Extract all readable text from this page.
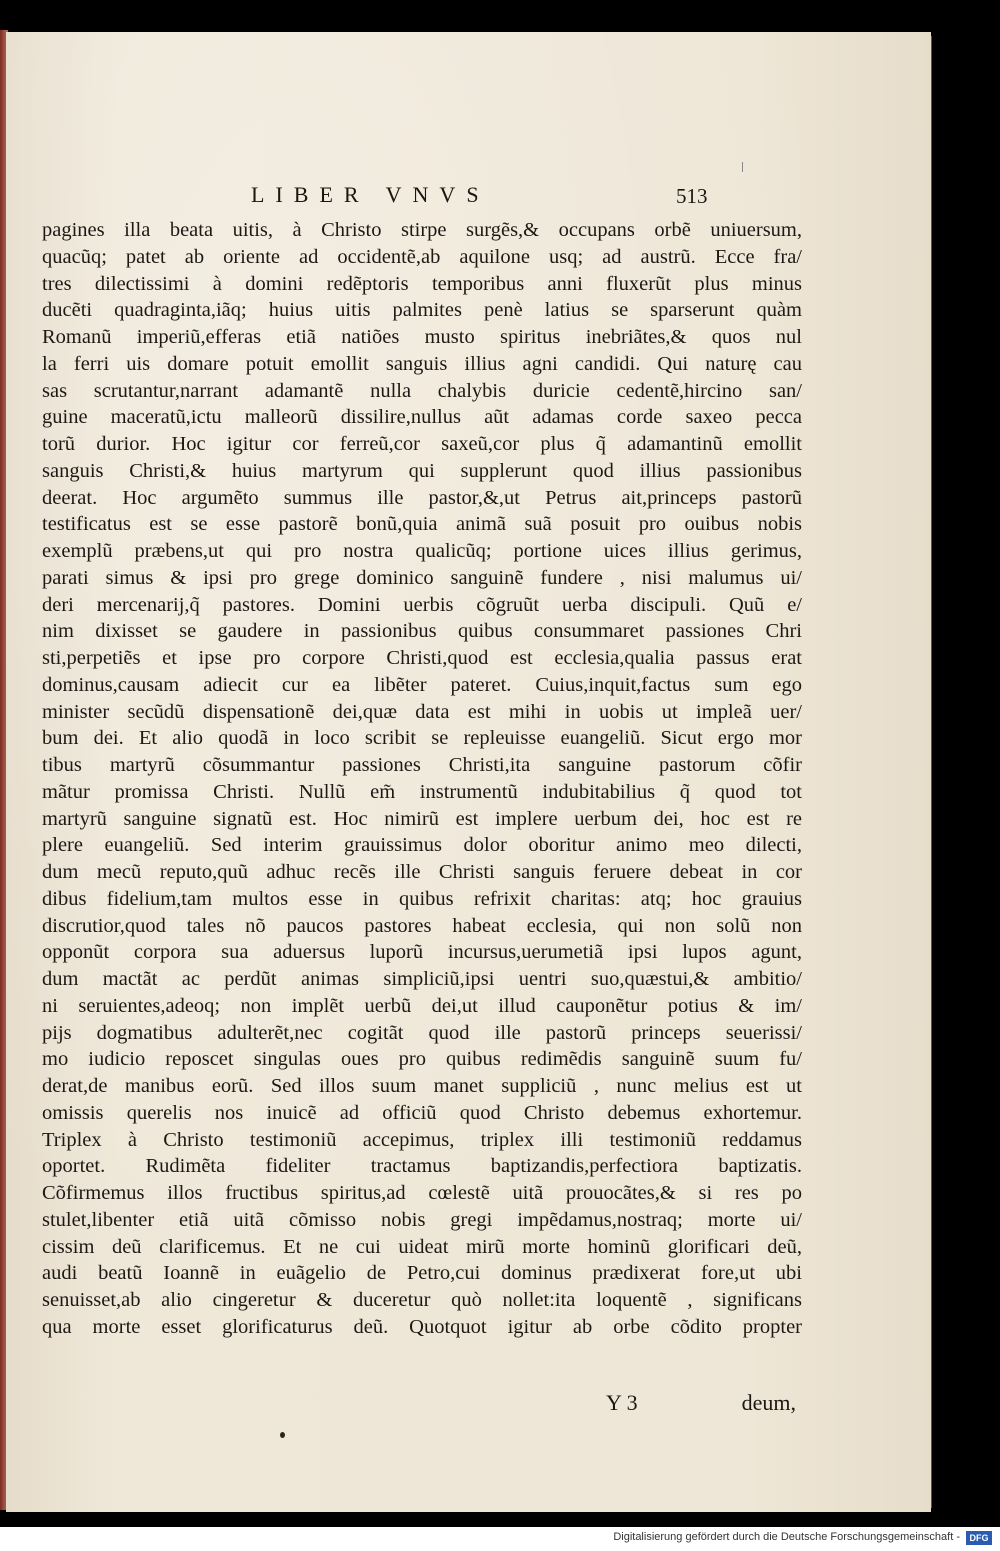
LIBER VNVS	513
pagines illa beata uitis, à Christo stirpe surgẽs,& occupans orbẽ uniuersum,
quacũq; patet ab oriente ad occidentẽ,ab aquilone usq; ad austrũ. Ecce fra/
tres dilectissimi à domini redẽptoris temporibus anni fluxerũt plus minus
ducẽti quadraginta,iãq; huius uitis palmites penè latius se sparserunt quàm
Romanũ imperiũ,efferas etiã natiões musto spiritus inebriãtes,& quos nul
la ferri uis domare potuit emollit sanguis illius agni candidi. Qui naturę cau
sas scrutantur,narrant adamantẽ nulla chalybis duricie cedentẽ,hircino san/
guine maceratũ,ictu malleorũ dissilire,nullus aũt adamas corde saxeo pecca
torũ durior. Hoc igitur cor ferreũ,cor saxeũ,cor plus q̃ adamantinũ emollit
sanguis Christi,& huius martyrum qui supplerunt quod illius passionibus
deerat. Hoc argumẽto summus ille pastor,&,ut Petrus ait,princeps pastorũ
testificatus est se esse pastorẽ bonũ,quia animã suã posuit pro ouibus nobis
exemplũ præbens,ut qui pro nostra qualicũq; portione uices illius gerimus,
parati simus & ipsi pro grege dominico sanguinẽ fundere , nisi malumus ui/
deri mercenarij,q̃ pastores. Domini uerbis cõgruũt uerba discipuli. Quũ e/
nim dixisset se gaudere in passionibus quibus consummaret passiones Chri
sti,perpetiẽs et ipse pro corpore Christi,quod est ecclesia,qualia passus erat
dominus,causam adiecit cur ea libẽter pateret. Cuius,inquit,factus sum ego
minister secũdũ dispensationẽ dei,quæ data est mihi in uobis ut impleã uer/
bum dei. Et alio quodã in loco scribit se repleuisse euangeliũ. Sicut ergo mor
tibus martyrũ cõsummantur passiones Christi,ita sanguine pastorum cõfir
mãtur promissa Christi. Nullũ em̃ instrumentũ indubitabilius q̃ quod tot
martyrũ sanguine signatũ est. Hoc nimirũ est implere uerbum dei, hoc est re
plere euangeliũ. Sed interim grauissimus dolor oboritur animo meo dilecti,
dum mecũ reputo,quũ adhuc recẽs ille Christi sanguis feruere debeat in cor
dibus fidelium,tam multos esse in quibus refrixit charitas: atq; hoc grauius
discrutior,quod tales nõ paucos pastores habeat ecclesia, qui non solũ non
opponũt corpora sua aduersus luporũ incursus,uerumetiã ipsi lupos agunt,
dum mactãt ac perdũt animas simpliciũ,ipsi uentri suo,quæstui,& ambitio/
ni seruientes,adeoq; non implẽt uerbũ dei,ut illud cauponẽtur potius & im/
pijs dogmatibus adulterẽt,nec cogitãt quod ille pastorũ princeps seuerissi/
mo iudicio reposcet singulas oues pro quibus redimẽdis sanguinẽ suum fu/
derat,de manibus eorũ. Sed illos suum manet suppliciũ , nunc melius est ut
omissis querelis nos inuicẽ ad officiũ quod Christo debemus exhortemur.
Triplex à Christo testimoniũ accepimus, triplex illi testimoniũ reddamus
oportet. Rudimẽta fideliter tractamus baptizandis,perfectiora baptizatis.
Cõfirmemus illos fructibus spiritus,ad cœlestẽ uitã prouocãtes,& si res po
stulet,libenter etiã uitã cõmisso nobis gregi impẽdamus,nostraq; morte ui/
cissim deũ clarificemus. Et ne cui uideat mirũ morte hominũ glorificari deũ,
audi beatũ Ioannẽ in euãgelio de Petro,cui dominus prædixerat fore,ut ubi
senuisset,ab alio cingeretur & duceretur quò nollet:ita loquentẽ , significans
qua morte esset glorificaturus deũ. Quotquot igitur ab orbe cõdito propter
Y 3	deum,
Digitalisierung gefördert durch die Deutsche Forschungsgemeinschaft -	DFG
